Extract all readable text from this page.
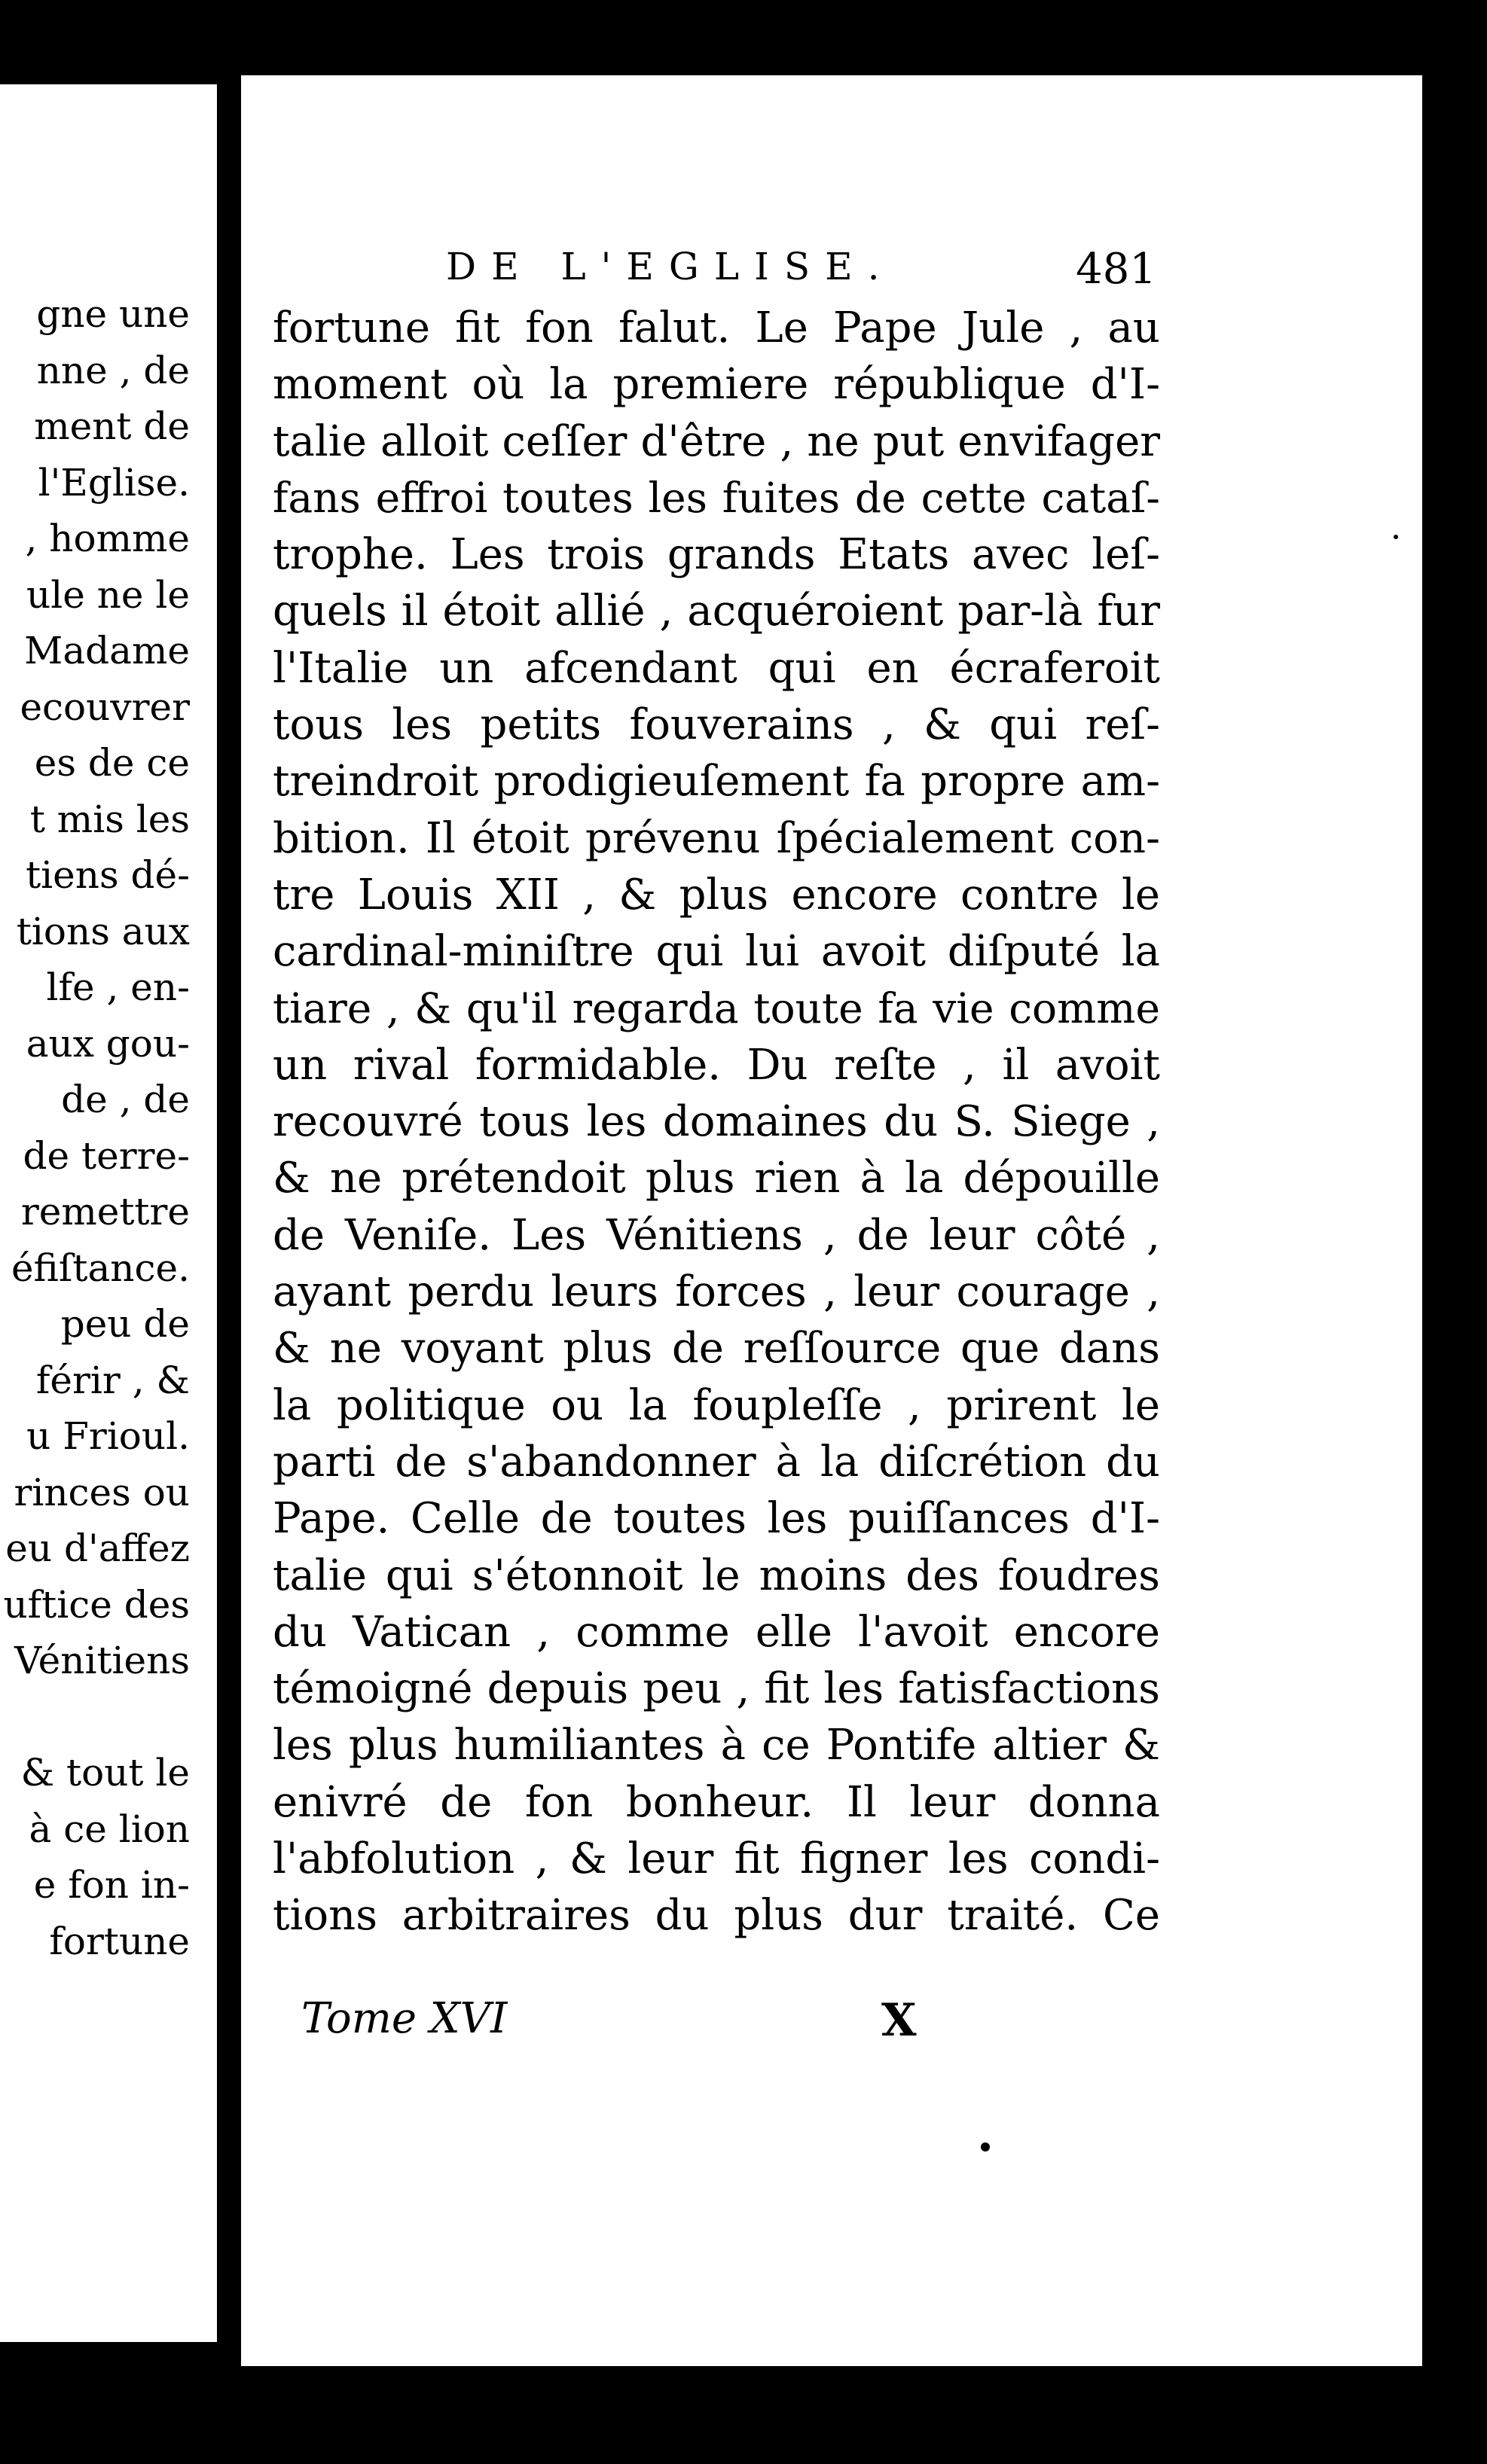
gne une
nne , de
ment de
l'Eglise.
, homme
ule ne le
Madame
ecouvrer
es de ce
t mis les
tiens dé-
tions aux
lfe , en-
aux gou-
de , de
de terre-
remettre
éfiſtance.
peu de
férir , &
u Frioul.
rinces ou
eu d'affez
uftice des
Vénitiens
& tout le
à ce lion
e fon in-
fortune
DE L'EGLISE.	481
fortune fit fon falut. Le Pape Jule , au
moment où la premiere république d'I-
talie alloit ceſſer d'être , ne put envifager
fans effroi toutes les fuites de cette cataſ-
trophe. Les trois grands Etats avec leſ-
quels il étoit allié , acquéroient par-là fur
l'Italie un afcendant qui en écraferoit
tous les petits fouverains , & qui reſ-
treindroit prodigieuſement fa propre am-
bition. Il étoit prévenu ſpécialement con-
tre Louis XII , & plus encore contre le
cardinal-miniſtre qui lui avoit diſputé la
tiare , & qu'il regarda toute fa vie comme
un rival formidable. Du reſte , il avoit
recouvré tous les domaines du S. Siege ,
& ne prétendoit plus rien à la dépouille
de Veniſe. Les Vénitiens , de leur côté ,
ayant perdu leurs forces , leur courage ,
& ne voyant plus de reſſource que dans
la politique ou la foupleſſe , prirent le
parti de s'abandonner à la diſcrétion du
Pape. Celle de toutes les puiſſances d'I-
talie qui s'étonnoit le moins des foudres
du Vatican , comme elle l'avoit encore
témoigné depuis peu , fit les fatisfactions
les plus humiliantes à ce Pontife altier &
enivré de fon bonheur. Il leur donna
l'abfolution , & leur fit figner les condi-
tions arbitraires du plus dur traité. Ce
Tome XVI	X
